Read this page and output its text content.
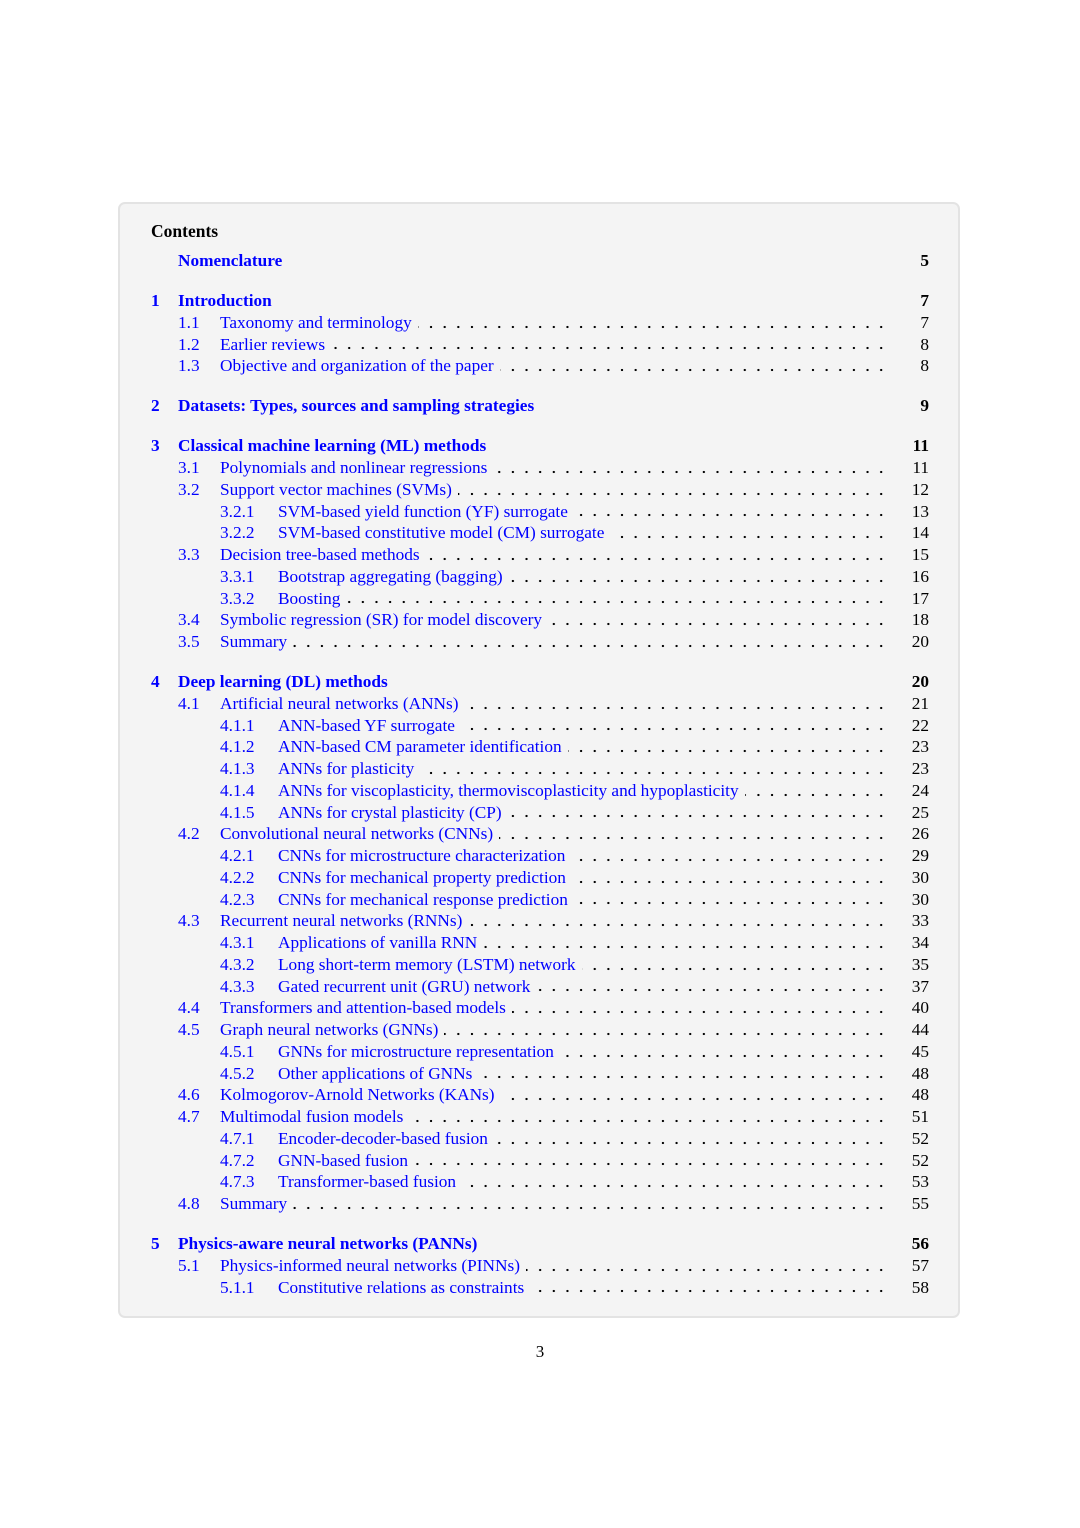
Contents
Nomenclature	5
1 Introduction	7
1.1 Taxonomy and terminology	7
1.2 Earlier reviews	8
1.3 Objective and organization of the paper	8
2 Datasets: Types, sources and sampling strategies	9
3 Classical machine learning (ML) methods	11
3.1 Polynomials and nonlinear regressions	11
3.2 Support vector machines (SVMs)	12
3.2.1 SVM-based yield function (YF) surrogate	13
3.2.2 SVM-based constitutive model (CM) surrogate	14
3.3 Decision tree-based methods	15
3.3.1 Bootstrap aggregating (bagging)	16
3.3.2 Boosting	17
3.4 Symbolic regression (SR) for model discovery	18
3.5 Summary	20
4 Deep learning (DL) methods	20
4.1 Artificial neural networks (ANNs)	21
4.1.1 ANN-based YF surrogate	22
4.1.2 ANN-based CM parameter identification	23
4.1.3 ANNs for plasticity	23
4.1.4 ANNs for viscoplasticity, thermoviscoplasticity and hypoplasticity	24
4.1.5 ANNs for crystal plasticity (CP)	25
4.2 Convolutional neural networks (CNNs)	26
4.2.1 CNNs for microstructure characterization	29
4.2.2 CNNs for mechanical property prediction	30
4.2.3 CNNs for mechanical response prediction	30
4.3 Recurrent neural networks (RNNs)	33
4.3.1 Applications of vanilla RNN	34
4.3.2 Long short-term memory (LSTM) network	35
4.3.3 Gated recurrent unit (GRU) network	37
4.4 Transformers and attention-based models	40
4.5 Graph neural networks (GNNs)	44
4.5.1 GNNs for microstructure representation	45
4.5.2 Other applications of GNNs	48
4.6 Kolmogorov-Arnold Networks (KANs)	48
4.7 Multimodal fusion models	51
4.7.1 Encoder-decoder-based fusion	52
4.7.2 GNN-based fusion	52
4.7.3 Transformer-based fusion	53
4.8 Summary	55
5 Physics-aware neural networks (PANNs)	56
5.1 Physics-informed neural networks (PINNs)	57
5.1.1 Constitutive relations as constraints	58
3
